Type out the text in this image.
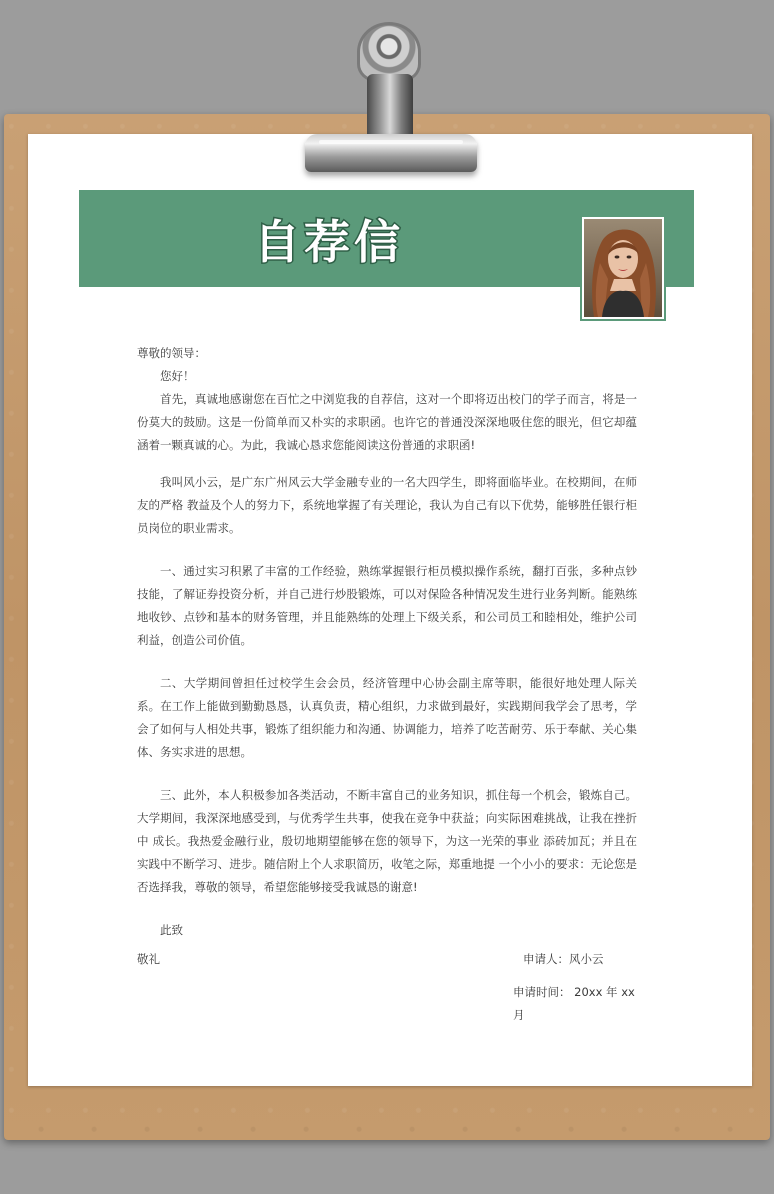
自荐信

尊敬的领导：

您好！

首先，真诚地感谢您在百忙之中浏览我的自荐信，这对一个即将迈出校门的学子而言，将是一份莫大的鼓励。这是一份简单而又朴实的求职函。也许它的普通没深深地吸住您的眼光，但它却蕴涵着一颗真诚的心。为此，我诚心恳求您能阅读这份普通的求职函!

我叫风小云，是广东广州风云大学金融专业的一名大四学生，即将面临毕业。在校期间，在师友的严格 教益及个人的努力下，系统地掌握了有关理论，我认为自己有以下优势，能够胜任银行柜员岗位的职业需求。

一、通过实习积累了丰富的工作经验，熟练掌握银行柜员模拟操作系统，翻打百张，多种点钞技能，了解证券投资分析，并自己进行炒股锻炼，可以对保险各种情况发生进行业务判断。能熟练地收钞、点钞和基本的财务管理，并且能熟练的处理上下级关系，和公司员工和睦相处，维护公司利益，创造公司价值。

二、大学期间曾担任过校学生会会员，经济管理中心协会副主席等职，能很好地处理人际关系。在工作上能做到勤勤恳恳，认真负责，精心组织，力求做到最好，实践期间我学会了思考，学会了如何与人相处共事，锻炼了组织能力和沟通、协调能力，培养了吃苦耐劳、乐于奉献、关心集体、务实求进的思想。

三、此外，本人积极参加各类活动，不断丰富自己的业务知识，抓住每一个机会，锻炼自己。大学期间，我深深地感受到，与优秀学生共事，使我在竞争中获益；向实际困难挑战，让我在挫折中 成长。我热爱金融行业，殷切地期望能够在您的领导下，为这一光荣的事业 添砖加瓦；并且在实践中不断学习、进步。随信附上个人求职简历，收笔之际，郑重地提 一个小小的要求：无论您是否选择我，尊敬的领导，希望您能够接受我诚恳的谢意!

此致

敬礼	申请人：风小云
申请时间： 20xx 年 xx 月
